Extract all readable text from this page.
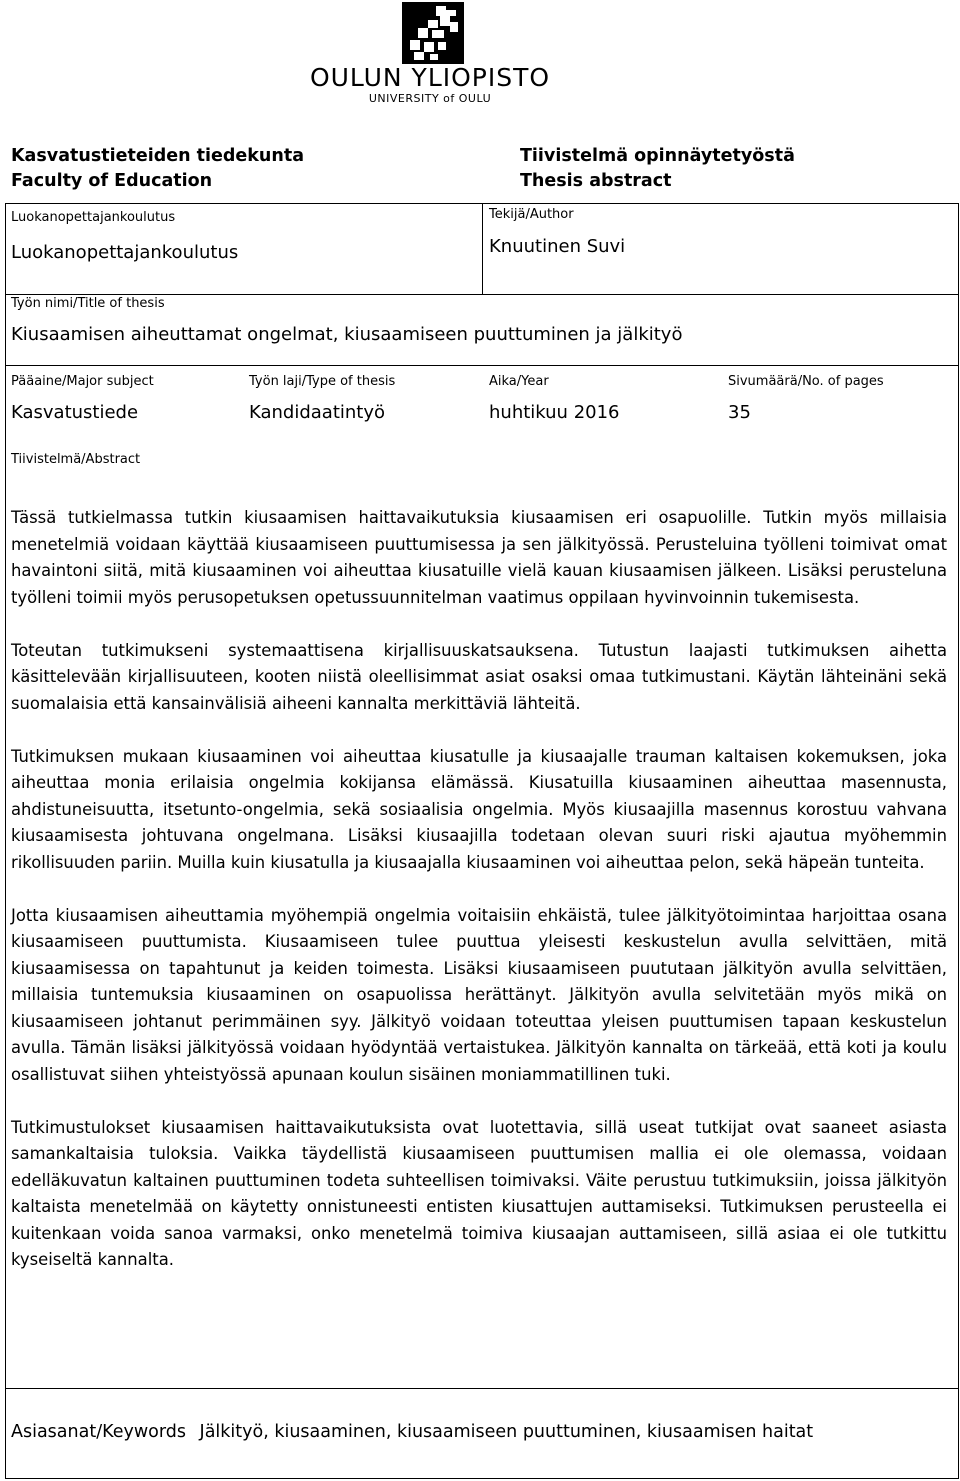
OULUN YLIOPISTO
UNIVERSITY of OULU
Kasvatustieteiden tiedekunta
Faculty of Education
Tiivistelmä opinnäytetyöstä
Thesis abstract
Luokanopettajankoulutus
Luokanopettajankoulutus
Tekijä/Author
Knuutinen Suvi
Työn nimi/Title of thesis
Kiusaamisen aiheuttamat ongelmat, kiusaamiseen puuttuminen ja jälkityö
Pääaine/Major subject
Kasvatustiede
Työn laji/Type of thesis
Kandidaatintyö
Aika/Year
huhtikuu 2016
Sivumäärä/No. of pages
35
Tiivistelmä/Abstract

Tässä tutkielmassa tutkin kiusaamisen haittavaikutuksia kiusaamisen eri osapuolille. Tutkin myös millaisia menetelmiä voidaan käyttää kiusaamiseen puuttumisessa ja sen jälkityössä. Perusteluina työlleni toimivat omat havaintoni siitä, mitä kiusaaminen voi aiheuttaa kiusatuille vielä kauan kiusaamisen jälkeen. Lisäksi perusteluna työlleni toimii myös perusopetuksen opetussuunnitelman vaatimus oppilaan hyvinvoinnin tukemisesta.

Toteutan tutkimukseni systemaattisena kirjallisuuskatsauksena. Tutustun laajasti tutkimuksen aihetta käsittelevään kirjallisuuteen, kooten niistä oleellisimmat asiat osaksi omaa tutkimustani. Käytän lähteinäni sekä suomalaisia että kansainvälisiä aiheeni kannalta merkittäviä lähteitä.

Tutkimuksen mukaan kiusaaminen voi aiheuttaa kiusatulle ja kiusaajalle trauman kaltaisen kokemuksen, joka aiheuttaa monia erilaisia ongelmia kokijansa elämässä. Kiusatuilla kiusaaminen aiheuttaa masennusta, ahdistuneisuutta, itsetunto-ongelmia, sekä sosiaalisia ongelmia. Myös kiusaajilla masennus korostuu vahvana kiusaamisesta johtuvana ongelmana. Lisäksi kiusaajilla todetaan olevan suuri riski ajautua myöhemmin rikollisuuden pariin. Muilla kuin kiusatulla ja kiusaajalla kiusaaminen voi aiheuttaa pelon, sekä häpeän tunteita.

Jotta kiusaamisen aiheuttamia myöhempiä ongelmia voitaisiin ehkäistä, tulee jälkityötoimintaa harjoittaa osana kiusaamiseen puuttumista. Kiusaamiseen tulee puuttua yleisesti keskustelun avulla selvittäen, mitä kiusaamisessa on tapahtunut ja keiden toimesta. Lisäksi kiusaamiseen puututaan jälkityön avulla selvittäen, millaisia tuntemuksia kiusaaminen on osapuolissa herättänyt. Jälkityön avulla selvitetään myös mikä on kiusaamiseen johtanut perimmäinen syy. Jälkityö voidaan toteuttaa yleisen puuttumisen tapaan keskustelun avulla. Tämän lisäksi jälkityössä voidaan hyödyntää vertaistukea. Jälkityön kannalta on tärkeää, että koti ja koulu osallistuvat siihen yhteistyössä apunaan koulun sisäinen moniammatillinen tuki.

Tutkimustulokset kiusaamisen haittavaikutuksista ovat luotettavia, sillä useat tutkijat ovat saaneet asiasta samankaltaisia tuloksia. Vaikka täydellistä kiusaamiseen puuttumisen mallia ei ole olemassa, voidaan edelläkuvatun kaltainen puuttuminen todeta suhteellisen toimivaksi. Väite perustuu tutkimuksiin, joissa jälkityön kaltaista menetelmää on käytetty onnistuneesti entisten kiusattujen auttamiseksi. Tutkimuksen perusteella ei kuitenkaan voida sanoa varmaksi, onko menetelmä toimiva kiusaajan auttamiseen, sillä asiaa ei ole tutkittu kyseiseltä kannalta.

Asiasanat/Keywords Jälkityö, kiusaaminen, kiusaamiseen puuttuminen, kiusaamisen haitat
